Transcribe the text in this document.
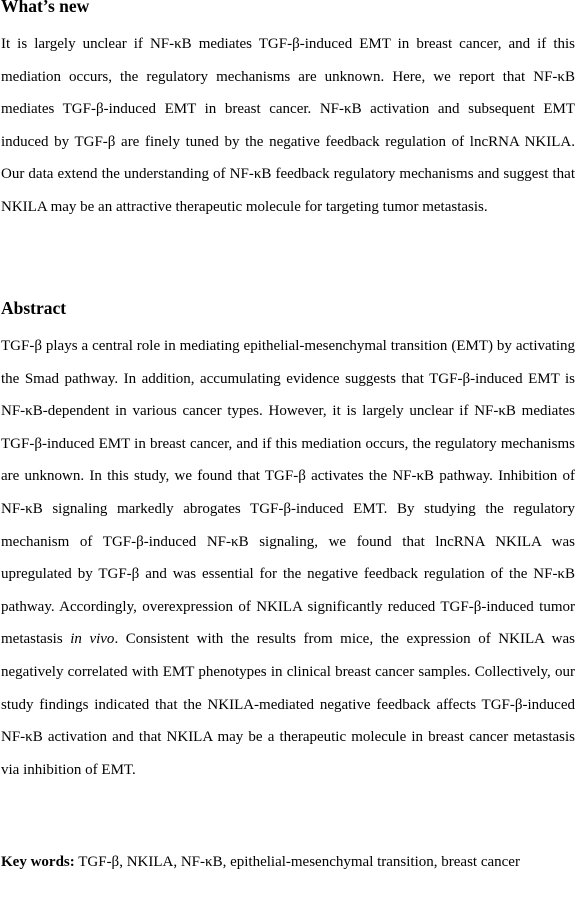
What’s new

It is largely unclear if NF-κB mediates TGF-β-induced EMT in breast cancer, and if this mediation occurs, the regulatory mechanisms are unknown. Here, we report that NF-κB mediates TGF-β-induced EMT in breast cancer. NF-κB activation and subsequent EMT induced by TGF-β are finely tuned by the negative feedback regulation of lncRNA NKILA. Our data extend the understanding of NF-κB feedback regulatory mechanisms and suggest that NKILA may be an attractive therapeutic molecule for targeting tumor metastasis.

Abstract

TGF-β plays a central role in mediating epithelial-mesenchymal transition (EMT) by activating the Smad pathway. In addition, accumulating evidence suggests that TGF-β-induced EMT is NF-κB-dependent in various cancer types. However, it is largely unclear if NF-κB mediates TGF-β-induced EMT in breast cancer, and if this mediation occurs, the regulatory mechanisms are unknown. In this study, we found that TGF-β activates the NF-κB pathway. Inhibition of NF-κB signaling markedly abrogates TGF-β-induced EMT. By studying the regulatory mechanism of TGF-β-induced NF-κB signaling, we found that lncRNA NKILA was upregulated by TGF-β and was essential for the negative feedback regulation of the NF-κB pathway. Accordingly, overexpression of NKILA significantly reduced TGF-β-induced tumor metastasis in vivo. Consistent with the results from mice, the expression of NKILA was negatively correlated with EMT phenotypes in clinical breast cancer samples. Collectively, our study findings indicated that the NKILA-mediated negative feedback affects TGF-β-induced NF-κB activation and that NKILA may be a therapeutic molecule in breast cancer metastasis via inhibition of EMT.

Key words: TGF-β, NKILA, NF-κB, epithelial-mesenchymal transition, breast cancer
